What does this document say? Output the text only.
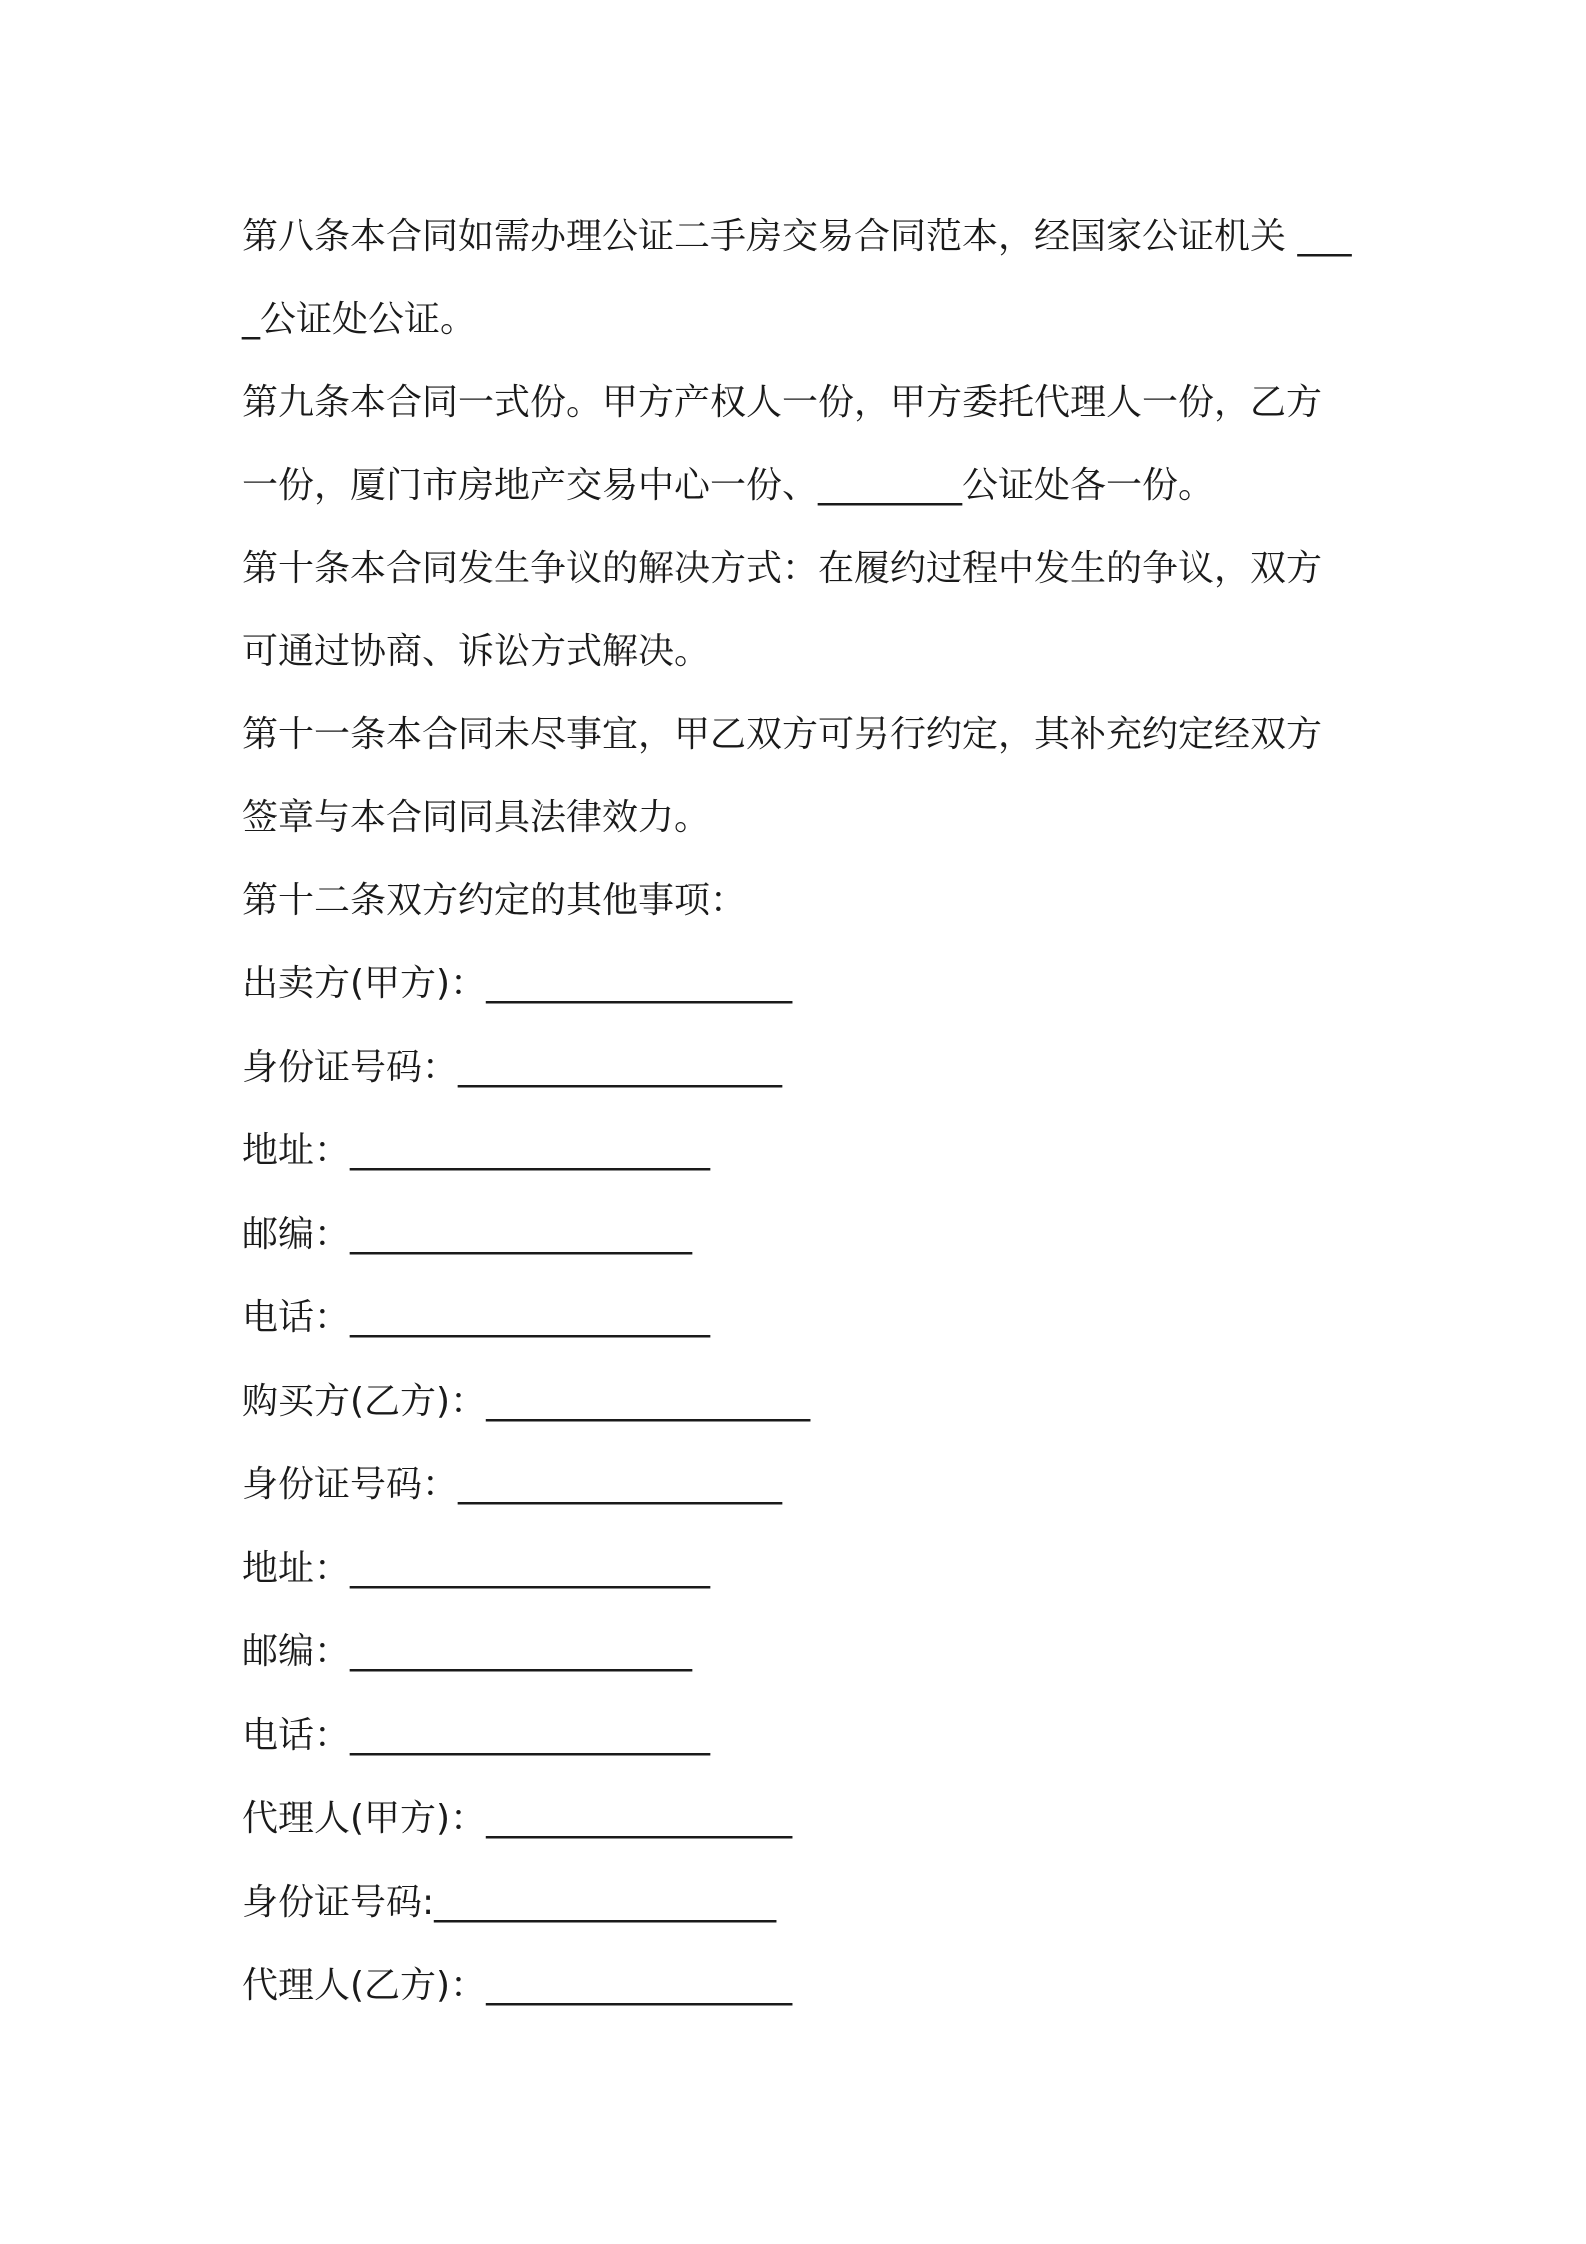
第八条本合同如需办理公证二手房交易合同范本，经国家公证机关 ____公证处公证。

第九条本合同一式份。甲方产权人一份，甲方委托代理人一份，乙方一份，厦门市房地产交易中心一份、________公证处各一份。

第十条本合同发生争议的解决方式：在履约过程中发生的争议，双方可通过协商、诉讼方式解决。

第十一条本合同未尽事宜，甲乙双方可另行约定，其补充约定经双方签章与本合同同具法律效力。

第十二条双方约定的其他事项：

出卖方(甲方)：_________________

身份证号码：__________________

地址：____________________

邮编：___________________

电话：____________________

购买方(乙方)：__________________

身份证号码：__________________

地址：____________________

邮编：___________________

电话：____________________

代理人(甲方)：_________________

身份证号码:___________________

代理人(乙方)：_________________
